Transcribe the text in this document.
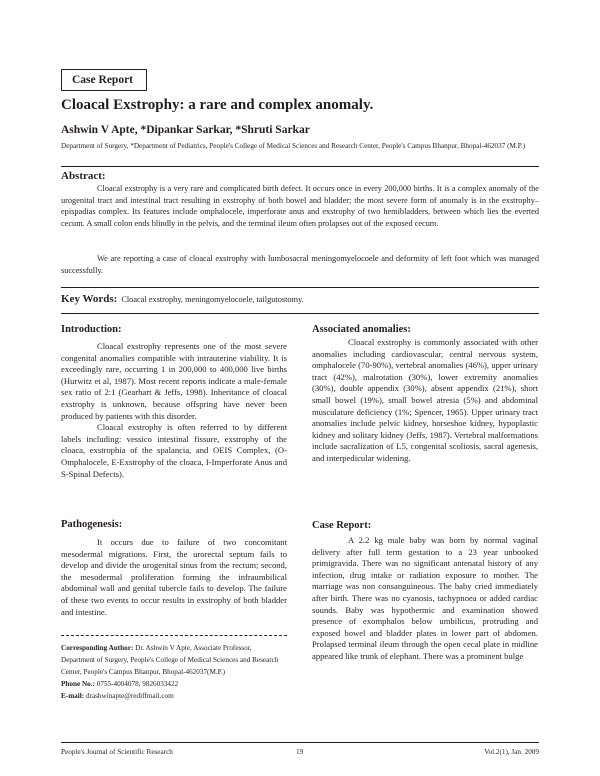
Case Report
Cloacal Exstrophy: a rare and complex anomaly.
Ashwin V Apte, *Dipankar Sarkar, *Shruti Sarkar
Department of Surgery, *Department of Pediatrics, People's College of Medical Sciences and Research Center, People's Campus Bhanpur, Bhopal-462037 (M.P.)
Abstract:

Cloacal exstrophy is a very rare and complicated birth defect. It occurs once in every 200,000 births. It is a complex anomaly of the urogenital tract and intestinal tract resulting in exstrophy of both bowel and bladder; the most severe form of anomaly is in the exstrophy–epispadias complex. Its features include omphalocele, imperforate anus and exstrophy of two hemibladders, between which lies the everted cecum. A small colon ends blindly in the pelvis, and the terminal ileum often prolapses out of the exposed cecum.

We are reporting a case of cloacal exstrophy with lumbosacral meningomyelocoele and deformity of left foot which was managed successfully.

Key Words: Cloacal exstrophy, meningomyelocoele, tailgutostomy.
Introduction:

Cloacal exstrophy represents one of the most severe congenital anomalies compatible with intrauterine viability. It is exceedingly rare, occurring 1 in 200,000 to 400,000 live births (Hurwitz et al, 1987). Most recent reports indicate a male-female sex ratio of 2:1 (Gearhart & Jeffs, 1998). Inheritance of cloacal exstrophy is unknown, because offspring have never been produced by patients with this disorder.

Cloacal exstrophy is often referred to by different labels including: vessico intestinal fissure, exstrophy of the cloaca, exstrophia of the spalancia, and OEIS Complex, (O-Omphalocele, E-Exstrophy of the cloaca, I-Imperforate Anus and S-Spinal Defects).

Pathogenesis:

It occurs due to failure of two concomitant mesodermal migrations. First, the urorectal septum fails to develop and divide the urogenital sinus from the rectum; second, the mesodermal proliferation forming the infraumbilical abdominal wall and genital tubercle fails to develop. The failure of these two events to occur results in exstrophy of both bladder and intestine.

Corresponding Author: Dr. Ashwin V Apte, Associate Professor, Department of Surgery, People's College of Medical Sciences and Research Center, People's Campus Bhanpur, Bhopal-462037(M.P.)
Phone No.: 0755-4004078, 9826033422
E-mail: drashwinapte@rediffmail.com
Associated anomalies:

Cloacal exstrophy is commonly associated with other anomalies including cardiovascular, central nervous system, omphalocele (70-90%), vertebral anomalies (46%), upper urinary tract (42%), malrotation (30%), lower extremity anomalies (30%), double appendix (30%), absent appendix (21%), short small bowel (19%), small bowel atresia (5%) and abdominal musculature deficiency (1%; Spencer, 1965). Upper urinary tract anomalies include pelvic kidney, horseshoe kidney, hypoplastic kidney and solitary kidney (Jeffs, 1987). Vertebral malformations include sacralization of L5, congenital scoliosis, sacral agenesis, and interpedicular widening.

Case Report:

A 2.2 kg male baby was born by normal vaginal delivery after full term gestation to a 23 year unbooked primigravida. There was no significant antenatal history of any infection, drug intake or radiation exposure to mother. The marriage was non consanguineous. The baby cried immediately after birth. There was no cyanosis, tachypnoea or added cardiac sounds. Baby was hypothermic and examination showed presence of exomphalos below umbilicus, protruding and exposed bowel and bladder plates in lower part of abdomen. Prolapsed terminal ileum through the open cecal plate in midline appeared like trunk of elephant. There was a prominent bulge

People's Journal of Scientific Research	19	Vol.2(1), Jan. 2009
